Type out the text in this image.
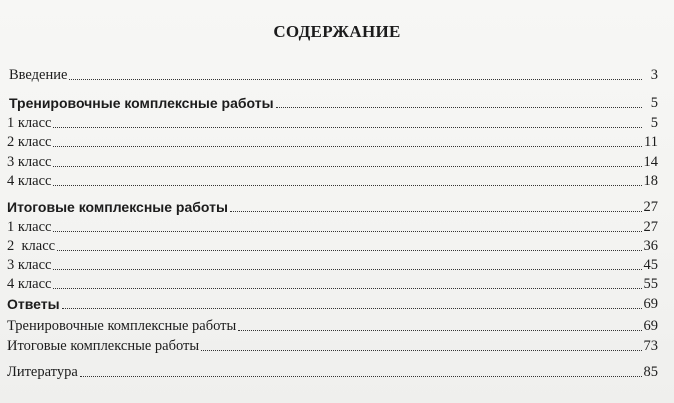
СОДЕРЖАНИЕ
Введение	3
Тренировочные комплексные работы	5
1 класс	5
2 класс	11
3 класс	14
4 класс	18
Итоговые комплексные работы	27
1 класс	27
2  класс	36
3 класс	45
4 класс	55
Ответы	69
Тренировочные комплексные работы	69
Итоговые комплексные работы	73
Литература	85
